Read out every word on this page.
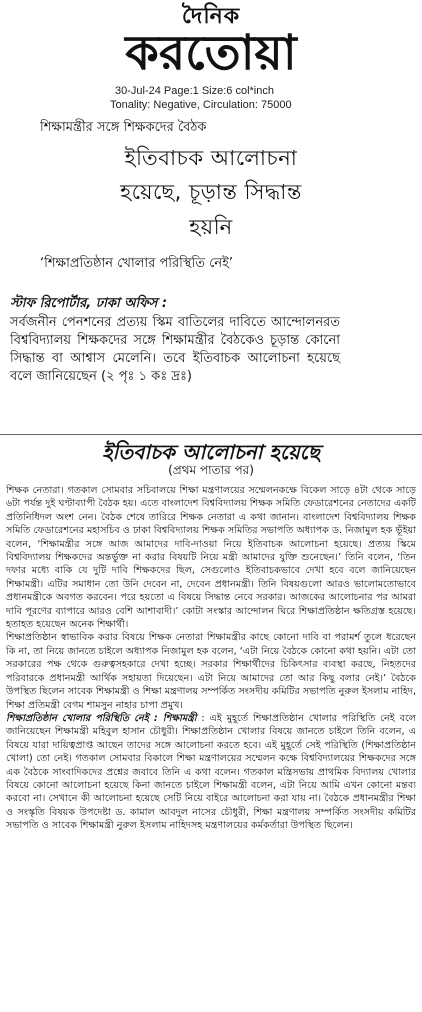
দৈনিক
করতোয়া
30-Jul-24 Page:1 Size:6 col*inch
Tonality: Negative, Circulation: 75000
শিক্ষামন্ত্রীর সঙ্গে শিক্ষকদের বৈঠক
ইতিবাচক আলোচনা
হয়েছে, চূড়ান্ত সিদ্ধান্ত
হয়নি
‘শিক্ষাপ্রতিষ্ঠান খোলার পরিস্থিতি নেই’
স্টাফ রিপোর্টার, ঢাকা অফিস :
সর্বজনীন পেনশনের প্রত্যয় স্কিম বাতিলের দাবিতে আন্দোলনরত বিশ্ববিদ্যালয় শিক্ষকদের সঙ্গে শিক্ষামন্ত্রীর বৈঠকেও চূড়ান্ত কোনো সিদ্ধান্ত বা আশ্বাস মেলেনি। তবে ইতিবাচক আলোচনা হয়েছে বলে জানিয়েছেন (২ পৃঃ ১ কঃ দ্রঃ)
ইতিবাচক আলোচনা হয়েছে
(প্রথম পাতার পর)

শিক্ষক নেতারা। গতকাল সোমবার সচিবালয়ে শিক্ষা মন্ত্রণালয়ের সম্মেলনকক্ষে বিকেল সাড়ে ৪টা থেকে সাড়ে ৬টা পর্যন্ত দুই ঘণ্টাব্যাপী বৈঠক হয়। এতে বাংলাদেশ বিশ্ববিদ্যালয় শিক্ষক সমিতি ফেডারেশনের নেতাদের একটি প্রতিনিধিদল অংশ নেন। বৈঠক শেষে তারিরে শিক্ষক নেতারা এ কথা জানান। বাংলাদেশ বিশ্ববিদ্যালয় শিক্ষক সমিতি ফেডারেশনের মহাসচিব ও ঢাকা বিশ্ববিদ্যালয় শিক্ষক সমিতির সভাপতি অধ্যাপক ড. নিজামুল হক ভূঁইয়া বলেন, ‘শিক্ষামন্ত্রীর সঙ্গে আজ আমাদের দাবি-দাওয়া নিয়ে ইতিবাচক আলোচনা হয়েছে। প্রত্যয় স্কিমে বিশ্ববিদ্যালয় শিক্ষকদের অন্তর্ভুক্ত না করার বিষয়টি নিয়ে মন্ত্রী আমাদের যুক্তি শুনেছেন।’ তিনি বলেন, ‘তিন দফার মধ্যে বাকি যে দুটি দাবি শিক্ষকদের ছিল, সেগুলোও ইতিবাচকভাবে দেখা হবে বলে জানিয়েছেন শিক্ষামন্ত্রী। এটির সমাধান তো উনি দেবেন না, দেবেন প্রধানমন্ত্রী। তিনি বিষয়গুলো আরও ভালোমতোভাবে প্রধানমন্ত্রীকে অবগত করবেন। পরে হয়তো এ বিষয়ে সিদ্ধান্ত নেবে সরকার। আজকের আলোচনার পর আমরা দাবি পূরণের ব্যাপারে আরও বেশি আশাবাদী।’ কোটা সংস্কার আন্দোলন ঘিরে শিক্ষাপ্রতিষ্ঠান ক্ষতিগ্রস্ত হয়েছে। হতাহত হয়েছেন অনেক শিক্ষার্থী।

শিক্ষাপ্রতিষ্ঠান স্বাভাবিক করার বিষয়ে শিক্ষক নেতারা শিক্ষামন্ত্রীর কাছে কোনো দাবি বা পরামর্শ তুলে ধরেছেন কি না, তা নিয়ে জানতে চাইলে অধ্যাপক নিজামুল হক বলেন, ‘এটা নিয়ে বৈঠকে কোনো কথা হয়নি। এটা তো সরকারের পক্ষ থেকে গুরুত্বসহকারে দেখা হচ্ছে। সরকার শিক্ষার্থীদের চিকিৎসার ব্যবস্থা করছে, নিহতদের পরিবারকে প্রধানমন্ত্রী আর্থিক সহায়তা দিয়েছেন। এটা নিয়ে আমাদের তো আর কিছু বলার নেই।’ বৈঠকে উপস্থিত ছিলেন সাবেক শিক্ষামন্ত্রী ও শিক্ষা মন্ত্রণালয় সম্পর্কিত সংসদীয় কমিটির সভাপতি নুরুল ইসলাম নাহিদ, শিক্ষা প্রতিমন্ত্রী বেগম শামসুন নাহার চাপা প্রমুখ।

শিক্ষাপ্রতিষ্ঠান খোলার পরিস্থিতি নেই : শিক্ষামন্ত্রী : এই মুহূর্তে শিক্ষাপ্রতিষ্ঠান খোলার পরিস্থিতি নেই বলে জানিয়েছেন শিক্ষামন্ত্রী মহিবুল হাসান চৌধুরী। শিক্ষাপ্রতিষ্ঠান খোলার বিষয়ে জানতে চাইলে তিনি বলেন, এ বিষয়ে যারা দায়িত্বপ্রাপ্ত আছেন তাদের সঙ্গে আলোচনা করতে হবে। এই মুহূর্তে সেই পরিস্থিতি (শিক্ষাপ্রতিষ্ঠান খোলা) তো নেই। গতকাল সোমবার বিকালে শিক্ষা মন্ত্রণালয়ের সম্মেলন কক্ষে বিশ্ববিদ্যালয়ের শিক্ষকদের সঙ্গে এক বৈঠকে সাংবাদিকদের প্রশ্নের জবাবে তিনি এ কথা বলেন। গতকাল মন্ত্রিসভায় প্রাথমিক বিদ্যালয় খোলার বিষয়ে কোনো আলোচনা হয়েছে কিনা জানতে চাইলে শিক্ষামন্ত্রী বলেন, এটা নিয়ে আমি এখন কোনো মন্তব্য করবো না। সেখানে কী আলোচনা হয়েছে সেটি নিয়ে বাইরে আলোচনা করা যায় না। বৈঠকে প্রধানমন্ত্রীর শিক্ষা ও সংস্কৃতি বিষয়ক উপদেষ্টা ড. কামাল আবদুল নাসের চৌধুরী, শিক্ষা মন্ত্রণালয় সম্পর্কিত সংসদীয় কমিটির সভাপতি ও সাবেক শিক্ষামন্ত্রী নুরুল ইসলাম নাহিদসহ মন্ত্রণালয়ের কর্মকর্তারা উপস্থিত ছিলেন।
